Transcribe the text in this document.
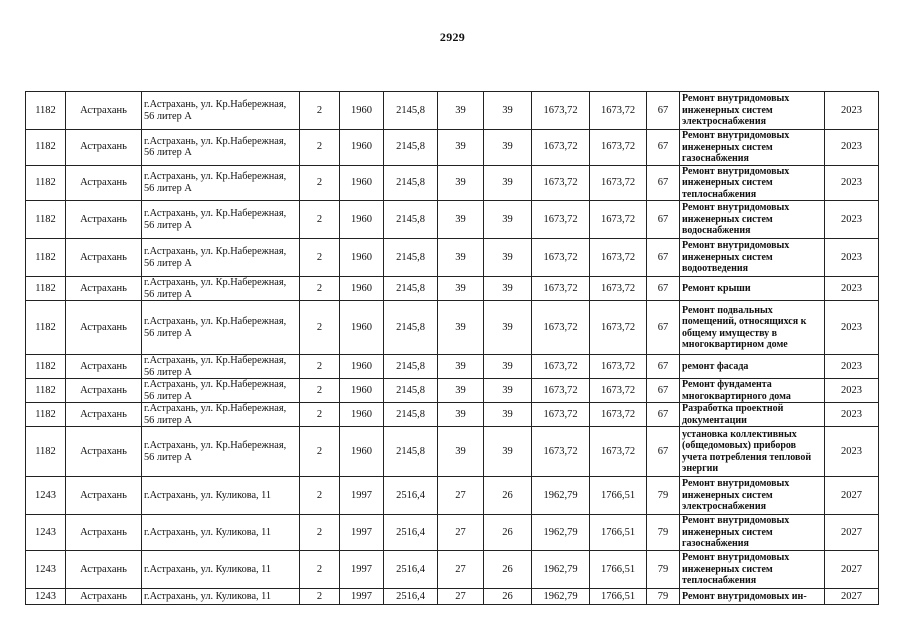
2929
1182	Астрахань	г.Астрахань, ул. Кр.Набережная, 56 литер А	2	1960	2145,8	39	39	1673,72	1673,72	67	Ремонт внутридомовых инженерных систем электроснабжения	2023
1182	Астрахань	г.Астрахань, ул. Кр.Набережная, 56 литер А	2	1960	2145,8	39	39	1673,72	1673,72	67	Ремонт внутридомовых инженерных систем газоснабжения	2023
1182	Астрахань	г.Астрахань, ул. Кр.Набережная, 56 литер А	2	1960	2145,8	39	39	1673,72	1673,72	67	Ремонт внутридомовых инженерных систем теплоснабжения	2023
1182	Астрахань	г.Астрахань, ул. Кр.Набережная, 56 литер А	2	1960	2145,8	39	39	1673,72	1673,72	67	Ремонт внутридомовых инженерных систем водоснабжения	2023
1182	Астрахань	г.Астрахань, ул. Кр.Набережная, 56 литер А	2	1960	2145,8	39	39	1673,72	1673,72	67	Ремонт внутридомовых инженерных систем водоотведения	2023
1182	Астрахань	г.Астрахань, ул. Кр.Набережная, 56 литер А	2	1960	2145,8	39	39	1673,72	1673,72	67	Ремонт крыши	2023
1182	Астрахань	г.Астрахань, ул. Кр.Набережная, 56 литер А	2	1960	2145,8	39	39	1673,72	1673,72	67	Ремонт подвальных помещений, относящихся к общему имуществу в многоквартирном доме	2023
1182	Астрахань	г.Астрахань, ул. Кр.Набережная, 56 литер А	2	1960	2145,8	39	39	1673,72	1673,72	67	ремонт фасада	2023
1182	Астрахань	г.Астрахань, ул. Кр.Набережная, 56 литер А	2	1960	2145,8	39	39	1673,72	1673,72	67	Ремонт фундамента многоквартирного дома	2023
1182	Астрахань	г.Астрахань, ул. Кр.Набережная, 56 литер А	2	1960	2145,8	39	39	1673,72	1673,72	67	Разработка проектной документации	2023
1182	Астрахань	г.Астрахань, ул. Кр.Набережная, 56 литер А	2	1960	2145,8	39	39	1673,72	1673,72	67	установка коллективных (общедомовых) приборов учета потребления тепловой энергии	2023
1243	Астрахань	г.Астрахань, ул. Куликова, 11	2	1997	2516,4	27	26	1962,79	1766,51	79	Ремонт внутридомовых инженерных систем электроснабжения	2027
1243	Астрахань	г.Астрахань, ул. Куликова, 11	2	1997	2516,4	27	26	1962,79	1766,51	79	Ремонт внутридомовых инженерных систем газоснабжения	2027
1243	Астрахань	г.Астрахань, ул. Куликова, 11	2	1997	2516,4	27	26	1962,79	1766,51	79	Ремонт внутридомовых инженерных систем теплоснабжения	2027
1243	Астрахань	г.Астрахань, ул. Куликова, 11	2	1997	2516,4	27	26	1962,79	1766,51	79	Ремонт внутридомовых ин-	2027
